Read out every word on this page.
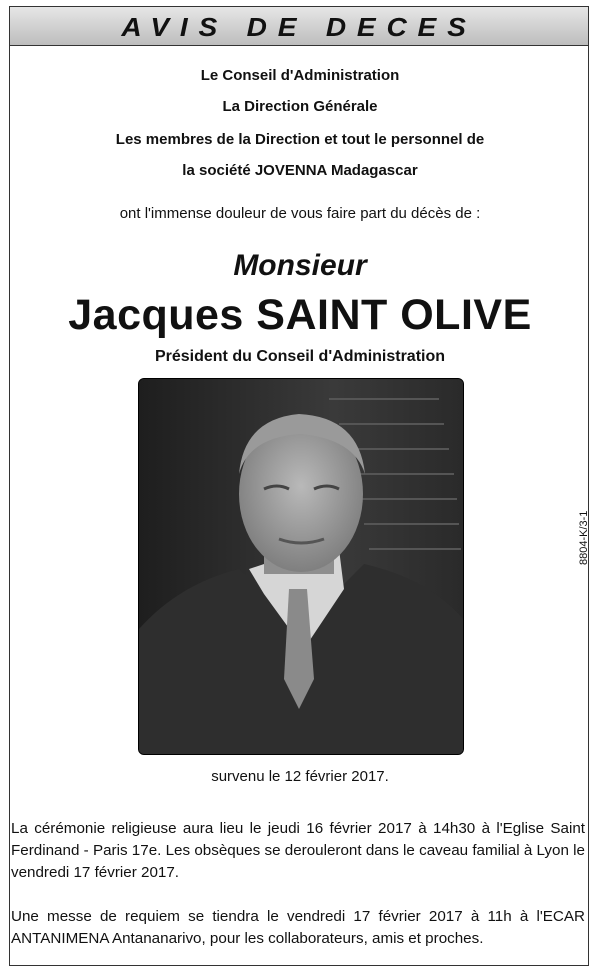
AVIS DE DECES
Le Conseil d'Administration
La Direction Générale
Les membres de la Direction et tout le personnel de
la société JOVENNA Madagascar
ont l'immense douleur de vous faire part du décès de :
Monsieur
Jacques SAINT OLIVE
Président du Conseil d'Administration
8804-K/3-1
survenu le 12 février 2017.
La cérémonie religieuse aura lieu le jeudi 16 février 2017 à 14h30 à l'Eglise Saint Ferdinand - Paris 17e. Les obsèques se derouleront dans le caveau familial à Lyon le vendredi 17 février 2017.
Une messe de requiem se tiendra le vendredi 17 février 2017 à 11h à l'ECAR ANTANIMENA Antananarivo, pour les collaborateurs, amis et proches.
